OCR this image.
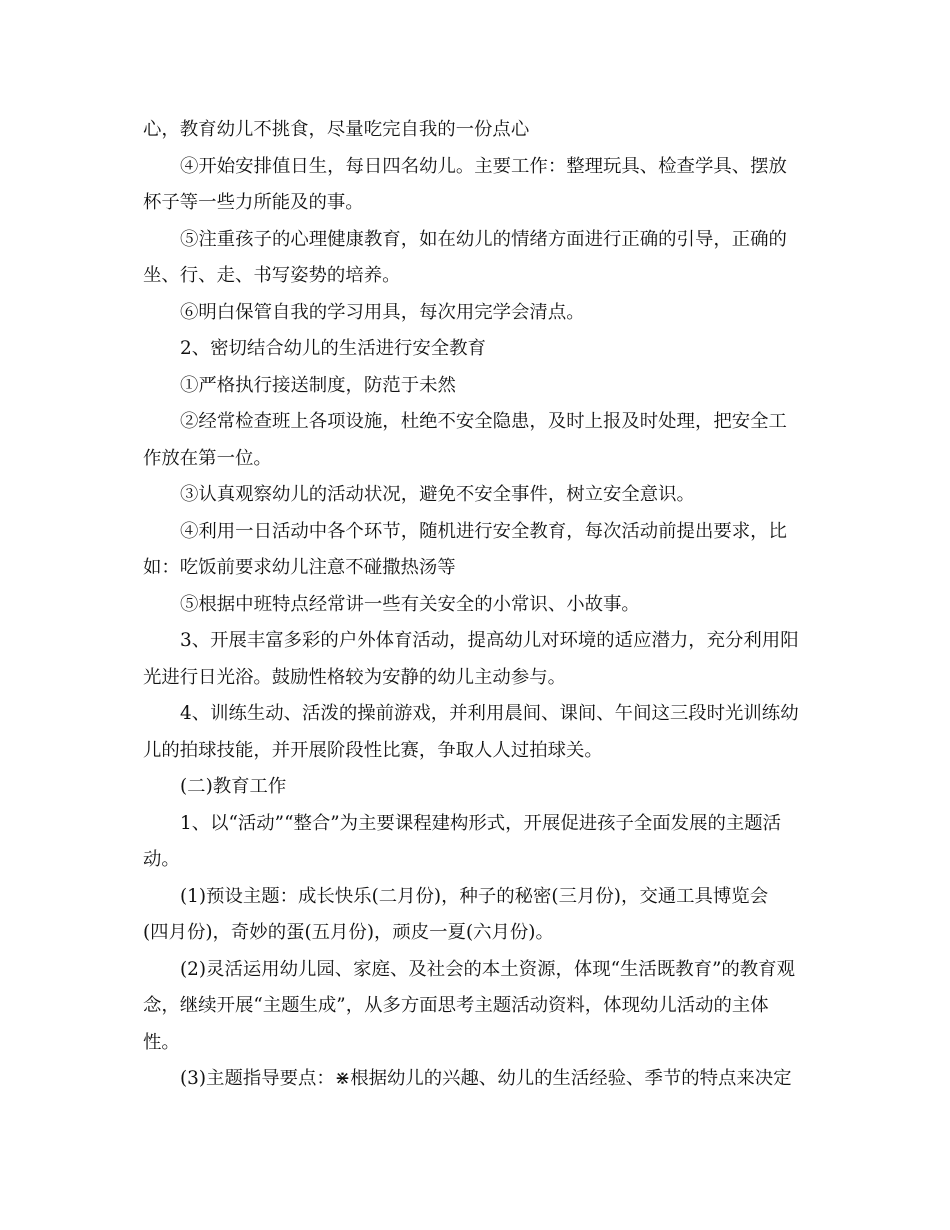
心，教育幼儿不挑食，尽量吃完自我的一份点心

④开始安排值日生，每日四名幼儿。主要工作：整理玩具、检查学具、摆放

杯子等一些力所能及的事。

⑤注重孩子的心理健康教育，如在幼儿的情绪方面进行正确的引导，正确的

坐、行、走、书写姿势的培养。

⑥明白保管自我的学习用具，每次用完学会清点。

2、密切结合幼儿的生活进行安全教育

①严格执行接送制度，防范于未然

②经常检查班上各项设施，杜绝不安全隐患，及时上报及时处理，把安全工

作放在第一位。

③认真观察幼儿的活动状况，避免不安全事件，树立安全意识。

④利用一日活动中各个环节，随机进行安全教育，每次活动前提出要求，比

如：吃饭前要求幼儿注意不碰撒热汤等

⑤根据中班特点经常讲一些有关安全的小常识、小故事。

3、开展丰富多彩的户外体育活动，提高幼儿对环境的适应潜力，充分利用阳

光进行日光浴。鼓励性格较为安静的幼儿主动参与。

4、训练生动、活泼的操前游戏，并利用晨间、课间、午间这三段时光训练幼

儿的拍球技能，并开展阶段性比赛，争取人人过拍球关。

(二)教育工作

1、以“活动”“整合”为主要课程建构形式，开展促进孩子全面发展的主题活

动。

(1)预设主题：成长快乐(二月份)，种子的秘密(三月份)，交通工具博览会

(四月份)，奇妙的蛋(五月份)，顽皮一夏(六月份)。

(2)灵活运用幼儿园、家庭、及社会的本土资源，体现“生活既教育”的教育观

念，继续开展“主题生成”，从多方面思考主题活动资料，体现幼儿活动的主体

性。

(3)主题指导要点：⋇根据幼儿的兴趣、幼儿的生活经验、季节的特点来决定
